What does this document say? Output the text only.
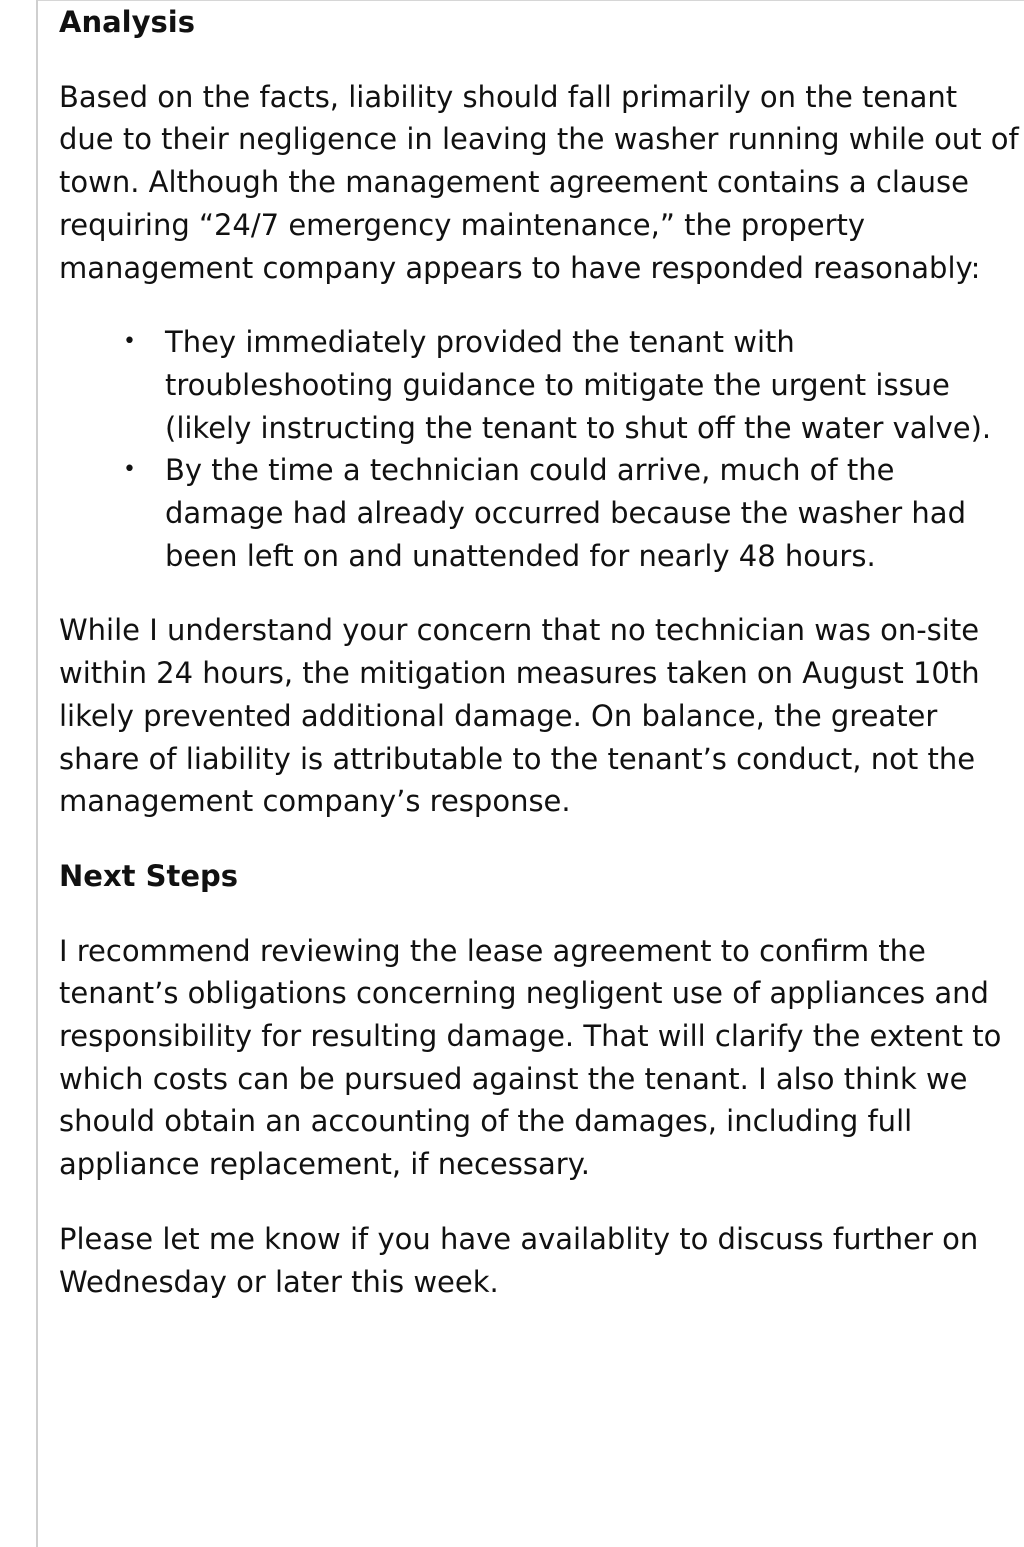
Analysis

Based on the facts, liability should fall primarily on the tenant due to their negligence in leaving the washer running while out of town. Although the management agreement contains a clause requiring “24/7 emergency maintenance,” the property management company appears to have responded reasonably:

• They immediately provided the tenant with troubleshooting guidance to mitigate the urgent issue (likely instructing the tenant to shut off the water valve).
• By the time a technician could arrive, much of the damage had already occurred because the washer had been left on and unattended for nearly 48 hours.

While I understand your concern that no technician was on-site within 24 hours, the mitigation measures taken on August 10th likely prevented additional damage. On balance, the greater share of liability is attributable to the tenant’s conduct, not the management company’s response.

Next Steps

I recommend reviewing the lease agreement to confirm the tenant’s obligations concerning negligent use of appliances and responsibility for resulting damage. That will clarify the extent to which costs can be pursued against the tenant. I also think we should obtain an accounting of the damages, including full appliance replacement, if necessary.

Please let me know if you have availablity to discuss further on Wednesday or later this week.
